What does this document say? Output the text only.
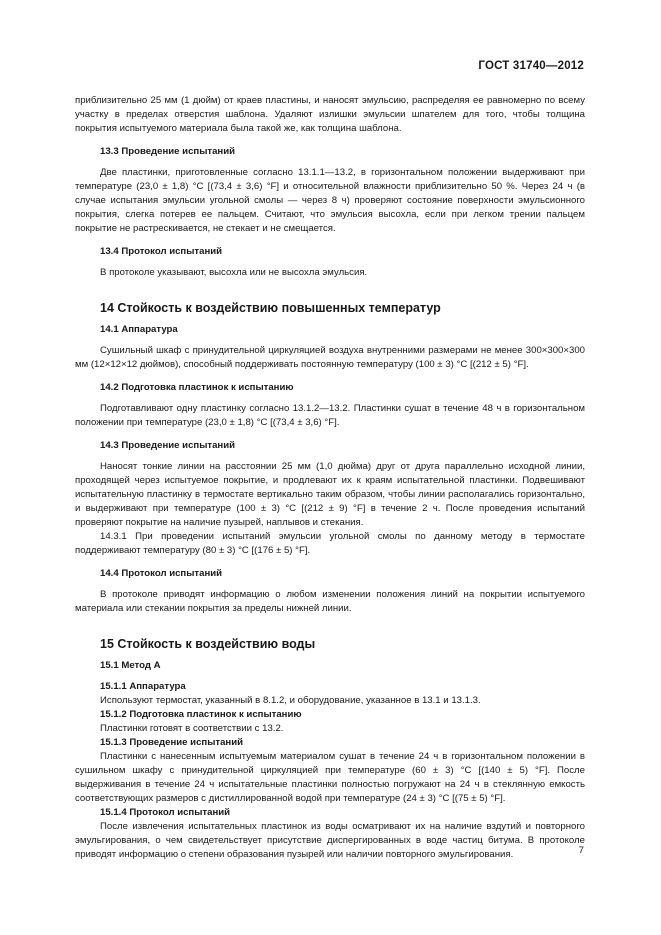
ГОСТ 31740—2012

приблизительно 25 мм (1 дюйм) от краев пластины, и наносят эмульсию, распределяя ее равномерно по всему участку в пределах отверстия шаблона. Удаляют излишки эмульсии шпателем для того, чтобы толщина покрытия испытуемого материала была такой же, как толщина шаблона.

13.3 Проведение испытаний

Две пластинки, приготовленные согласно 13.1.1—13.2, в горизонтальном положении выдерживают при температуре (23,0 ± 1,8) °C [(73,4 ± 3,6) °F] и относительной влажности приблизительно 50 %. Через 24 ч (в случае испытания эмульсии угольной смолы — через 8 ч) проверяют состояние поверхности эмульсионного покрытия, слегка потерев ее пальцем. Считают, что эмульсия высохла, если при легком трении пальцем покрытие не растрескивается, не стекает и не смещается.

13.4 Протокол испытаний

В протоколе указывают, высохла или не высохла эмульсия.

14 Стойкость к воздействию повышенных температур
14.1 Аппаратура

Сушильный шкаф с принудительной циркуляцией воздуха внутренними размерами не менее 300×300×300 мм (12×12×12 дюймов), способный поддерживать постоянную температуру (100 ± 3) °C [(212 ± 5) °F].

14.2 Подготовка пластинок к испытанию

Подготавливают одну пластинку согласно 13.1.2—13.2. Пластинки сушат в течение 48 ч в горизонтальном положении при температуре (23,0 ± 1,8) °C [(73,4 ± 3,6) °F].

14.3 Проведение испытаний

Наносят тонкие линии на расстоянии 25 мм (1,0 дюйма) друг от друга параллельно исходной линии, проходящей через испытуемое покрытие, и продлевают их к краям испытательной пластинки. Подвешивают испытательную пластинку в термостате вертикально таким образом, чтобы линии располагались горизонтально, и выдерживают при температуре (100 ± 3) °C [(212 ± 9) °F] в течение 2 ч. После проведения испытаний проверяют покрытие на наличие пузырей, наплывов и стекания.

14.3.1 При проведении испытаний эмульсии угольной смолы по данному методу в термостате поддерживают температуру (80 ± 3) °C [(176 ± 5) °F].

14.4 Протокол испытаний

В протоколе приводят информацию о любом изменении положения линий на покрытии испытуемого материала или стекании покрытия за пределы нижней линии.

15 Стойкость к воздействию воды
15.1 Метод А
15.1.1 Аппаратура

Используют термостат, указанный в 8.1.2, и оборудование, указанное в 13.1 и 13.1.3.

15.1.2 Подготовка пластинок к испытанию

Пластинки готовят в соответствии с 13.2.

15.1.3 Проведение испытаний

Пластинки с нанесенным испытуемым материалом сушат в течение 24 ч в горизонтальном положении в сушильном шкафу с принудительной циркуляцией при температуре (60 ± 3) °C [(140 ± 5) °F]. После выдерживания в течение 24 ч испытательные пластинки полностью погружают на 24 ч в стеклянную емкость соответствующих размеров с дистиллированной водой при температуре (24 ± 3) °C [(75 ± 5) °F].

15.1.4 Протокол испытаний

После извлечения испытательных пластинок из воды осматривают их на наличие вздутий и повторного эмульгирования, о чем свидетельствует присутствие диспергированных в воде частиц битума. В протоколе приводят информацию о степени образования пузырей или наличии повторного эмульгирования.	7
